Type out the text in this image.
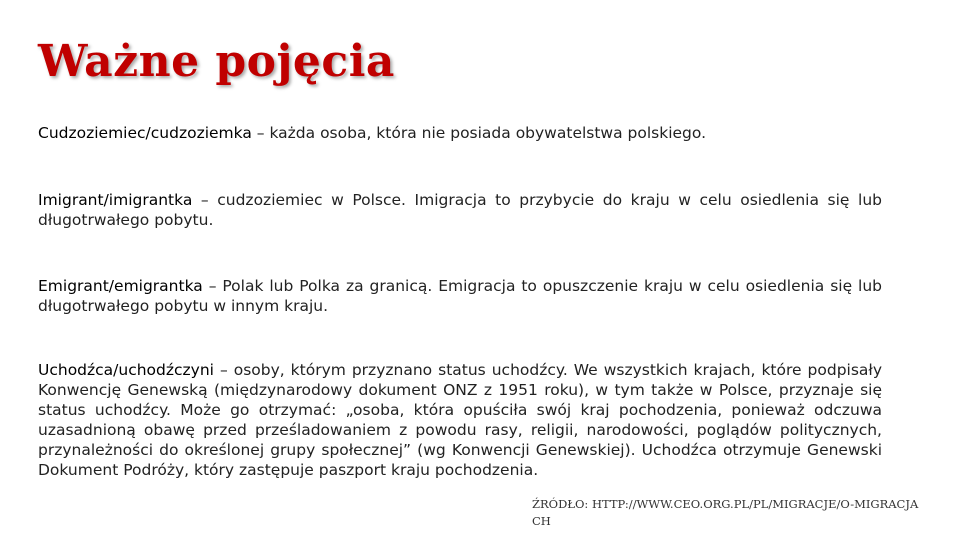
Ważne pojęcia

Cudzoziemiec/cudzoziemka – każda osoba, która nie posiada obywatelstwa polskiego.

Imigrant/imigrantka – cudzoziemiec w Polsce. Imigracja to przybycie do kraju w celu osiedlenia się lub długotrwałego pobytu.

Emigrant/emigrantka – Polak lub Polka za granicą. Emigracja to opuszczenie kraju w celu osiedlenia się lub długotrwałego pobytu w innym kraju.

Uchodźca/uchodźczyni – osoby, którym przyznano status uchodźcy. We wszystkich krajach, które podpisały Konwencję Genewską (międzynarodowy dokument ONZ z 1951 roku), w tym także w Polsce, przyznaje się status uchodźcy. Może go otrzymać: „osoba, która opuściła swój kraj pochodzenia, ponieważ odczuwa uzasadnioną obawę przed prześladowaniem z powodu rasy, religii, narodowości, poglądów politycznych, przynależności do określonej grupy społecznej” (wg Konwencji Genewskiej). Uchodźca otrzymuje Genewski Dokument Podróży, który zastępuje paszport kraju pochodzenia.

ŹRÓDŁO: HTTP://WWW.CEO.ORG.PL/PL/MIGRACJE/O-MIGRACJACH
